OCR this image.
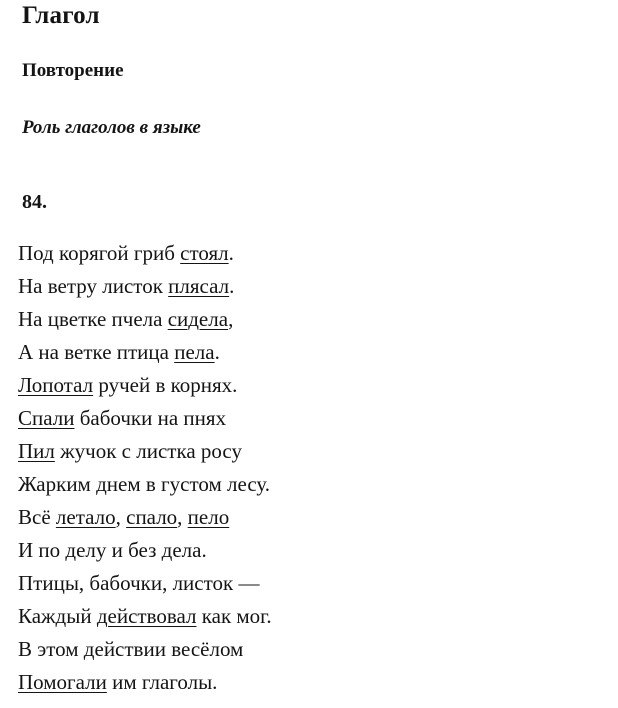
Глагол
Повторение
Роль глаголов в языке
84.
Под корягой гриб стоял.
На ветру листок плясал.
На цветке пчела сидела,
А на ветке птица пела.
Лопотал ручей в корнях.
Спали бабочки на пнях
Пил жучок с листка росу
Жарким днем в густом лесу.
Всё летало, спало, пело
И по делу и без дела.
Птицы, бабочки, листок —
Каждый действовал как мог.
В этом действии весёлом
Помогали им глаголы.
